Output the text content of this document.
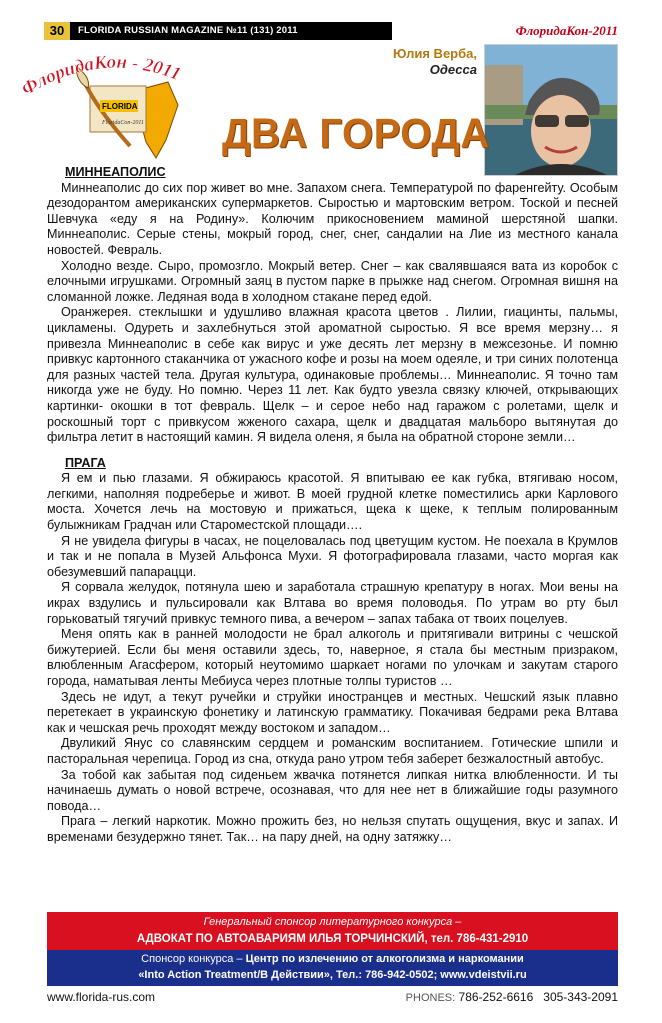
30	FLORIDA RUSSIAN MAGAZINE №11 (131) 2011	ФлоридаКон-2011
FLORIDA
FloridaCon-2011
ФлоридаКон - 2011
Юлия Верба,
Одесса
ДВА ГОРОДА
МИННЕАПОЛИС

Миннеаполис до сих пор живет во мне. Запахом снега. Температурой по фаренгейту. Особым дезодорантом американских супермаркетов. Сыростью и мартовским ветром. Тоской и песней Шевчука «еду я на Родину». Колючим прикосновением маминой шерстяной шапки. Миннеаполис. Серые стены, мокрый город, снег, снег, сандалии на Лие из местного канала новостей. Февраль.

Холодно везде. Сыро, промозгло. Мокрый ветер. Снег – как свалявшаяся вата из коробок с елочными игрушками. Огромный заяц в пустом парке в прыжке над снегом. Огромная вишня на сломанной ложке. Ледяная вода в холодном стакане перед едой.

Оранжерея. стеклышки и удушливо влажная красота цветов . Лилии, гиацинты, пальмы, цикламены. Одуреть и захлебнуться этой ароматной сыростью. Я все время мерзну… я привезла Миннеаполис в себе как вирус и уже десять лет мерзну в межсезонье. И помню привкус картонного стаканчика от ужасного кофе и розы на моем одеяле, и три синих полотенца для разных частей тела. Другая культура, одинаковые проблемы… Миннеаполис. Я точно там никогда уже не буду. Но помню. Через 11 лет. Как будто увезла связку ключей, открывающих картинки- окошки в тот февраль. Щелк – и серое небо над гаражом с ролетами, щелк и роскошный торт с привкусом жженого сахара, щелк и двадцатая мальборо вытянутая до фильтра летит в настоящий камин. Я видела оленя, я была на обратной стороне земли…

ПРАГА

Я ем и пью глазами. Я обжираюсь красотой. Я впитываю ее как губка, втягиваю носом, легкими, наполняя подреберье и живот. В моей грудной клетке поместились арки Карлового моста. Хочется лечь на мостовую и прижаться, щека к щеке, к теплым полированным булыжникам Градчан или Староместской площади….

Я не увидела фигуры в часах, не поцеловалась под цветущим кустом. Не поехала в Крумлов и так и не попала в Музей Альфонса Мухи. Я фотографировала глазами, часто моргая как обезумевший папарацци.

Я сорвала желудок, потянула шею и заработала страшную крепатуру в ногах. Мои вены на икрах вздулись и пульсировали как Влтава во время половодья. По утрам во рту был горьковатый тягучий привкус темного пива, а вечером – запах табака от твоих поцелуев.

Меня опять как в ранней молодости не брал алкоголь и притягивали витрины с чешской бижутерией. Если бы меня оставили здесь, то, наверное, я стала бы местным призраком, влюбленным Агасфером, который неутомимо шаркает ногами по улочкам и закутам старого города, наматывая ленты Мебиуса через плотные толпы туристов …

Здесь не идут, а текут ручейки и струйки иностранцев и местных. Чешский язык плавно перетекает в украинскую фонетику и латинскую грамматику. Покачивая бедрами река Влтава как и чешская речь проходят между востоком и западом…

Двуликий Янус со славянским сердцем и романским воспитанием. Готические шпили и пасторальная черепица. Город из сна, откуда рано утром тебя заберет безжалостный автобус.

За тобой как забытая под сиденьем жвачка потянется липкая нитка влюбленности. И ты начинаешь думать о новой встрече, осознавая, что для нее нет в ближайшие годы разумного повода…

Прага – легкий наркотик. Можно прожить без, но нельзя спутать ощущения, вкус и запах. И временами безудержно тянет. Так… на пару дней, на одну затяжку…

Генеральный спонсор литературного конкурса –
АДВОКАТ ПО АВТОАВАРИЯМ ИЛЬЯ ТОРЧИНСКИЙ, тел. 786-431-2910
Спонсор конкурса – Центр по излечению от алкоголизма и наркомании
«Into Action Treatment/В Действии», Тел.: 786-942-0502; www.vdeistvii.ru
www.florida-rus.com	PHONES: 786-252-6616   305-343-2091
